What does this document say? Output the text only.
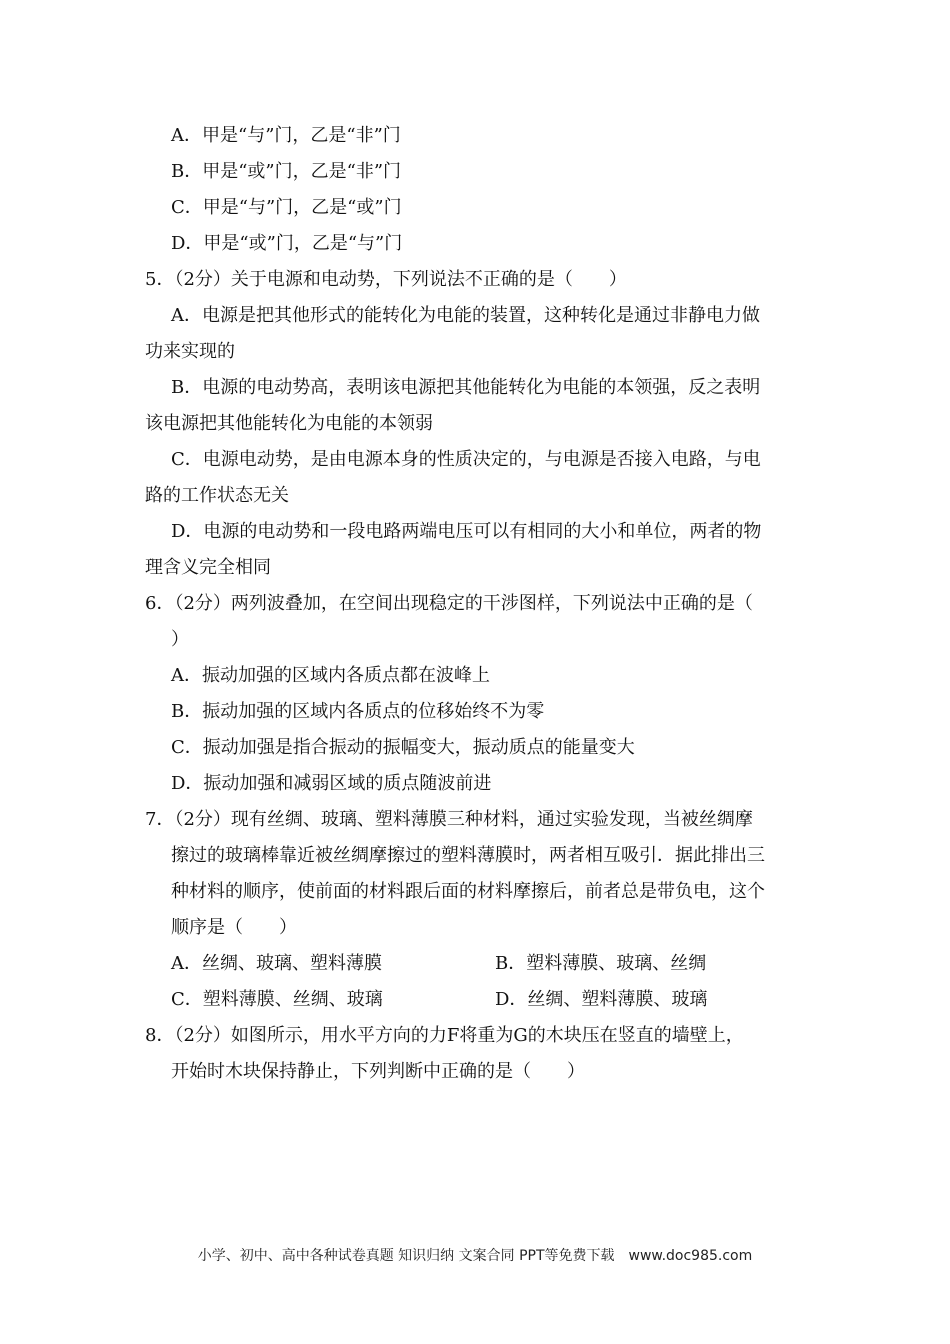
A．甲是“与”门，乙是“非”门
B．甲是“或”门，乙是“非”门
C．甲是“与”门，乙是“或”门
D．甲是“或”门，乙是“与”门
5．（2分）关于电源和电动势，下列说法不正确的是（　　）
A．电源是把其他形式的能转化为电能的装置，这种转化是通过非静电力做
功来实现的
B．电源的电动势高，表明该电源把其他能转化为电能的本领强，反之表明
该电源把其他能转化为电能的本领弱
C．电源电动势，是由电源本身的性质决定的，与电源是否接入电路，与电
路的工作状态无关
D．电源的电动势和一段电路两端电压可以有相同的大小和单位，两者的物
理含义完全相同
6．（2分）两列波叠加，在空间出现稳定的干涉图样，下列说法中正确的是（
）
A．振动加强的区域内各质点都在波峰上
B．振动加强的区域内各质点的位移始终不为零
C．振动加强是指合振动的振幅变大，振动质点的能量变大
D．振动加强和减弱区域的质点随波前进
7．（2分）现有丝绸、玻璃、塑料薄膜三种材料，通过实验发现，当被丝绸摩
擦过的玻璃棒靠近被丝绸摩擦过的塑料薄膜时，两者相互吸引．据此排出三
种材料的顺序，使前面的材料跟后面的材料摩擦后，前者总是带负电，这个
顺序是（　　）
A．丝绸、玻璃、塑料薄膜	B．塑料薄膜、玻璃、丝绸
C．塑料薄膜、丝绸、玻璃	D．丝绸、塑料薄膜、玻璃
8．（2分）如图所示，用水平方向的力F将重为G的木块压在竖直的墙壁上，
开始时木块保持静止，下列判断中正确的是（　　）
小学、初中、高中各种试卷真题 知识归纳 文案合同 PPT等免费下载　www.doc985.com
